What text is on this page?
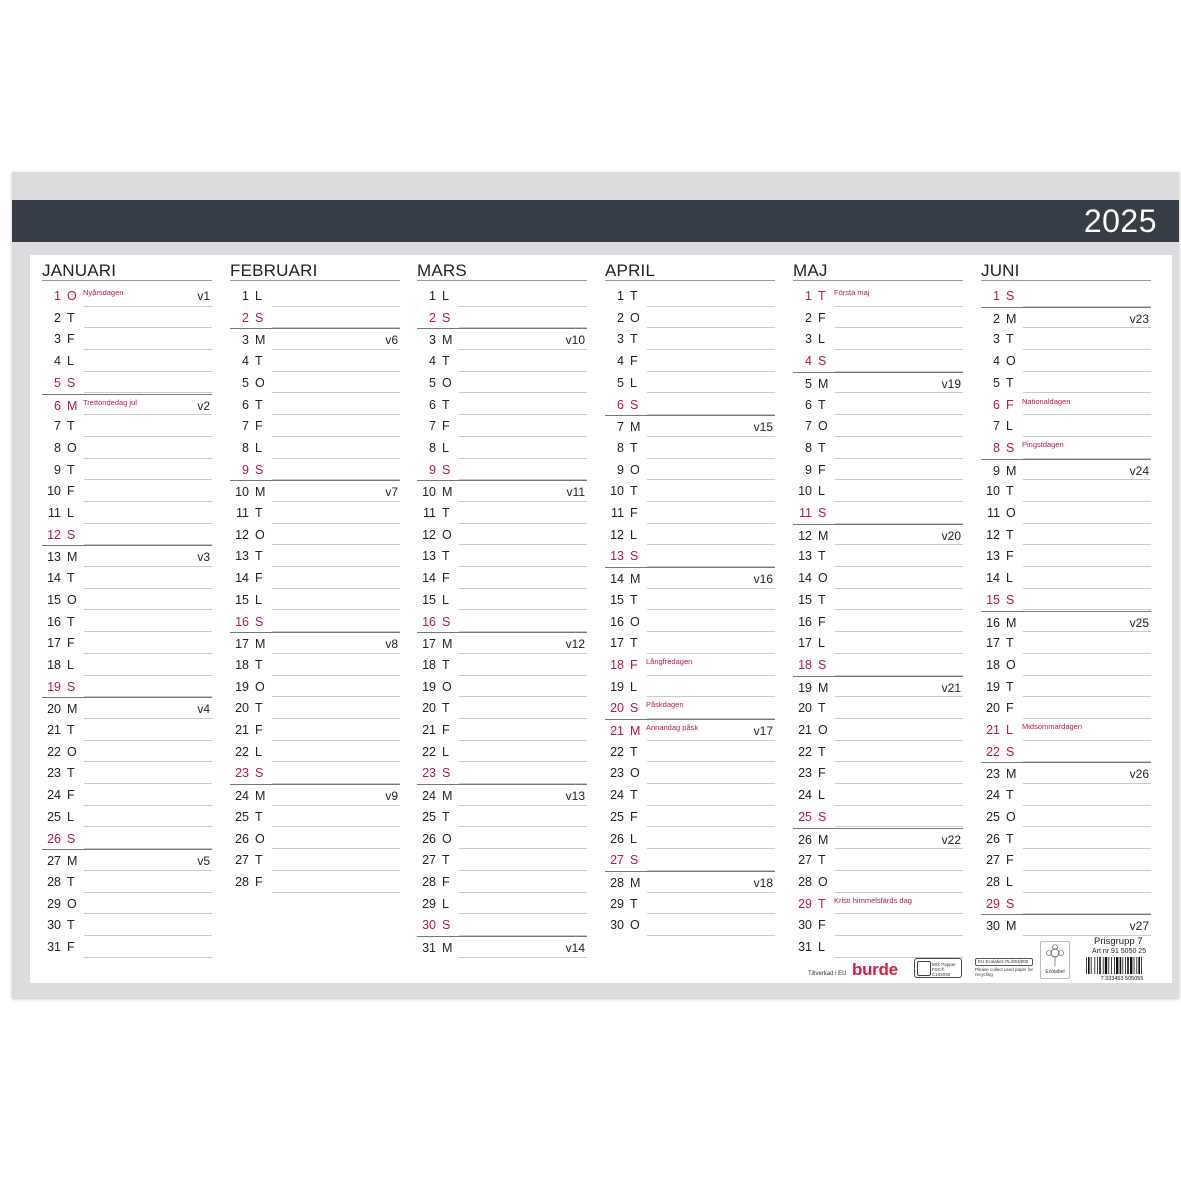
2025
Tillverkad i EU burde	MIX Papper FSC® C102030
EU Ecolabel: PL/053/000
Please collect used paper for recycling	Ecolabel
Prisgrupp 7
Art nr 91 5050 25
7 333453 505055
JANUARI
1 O Nyårsdagen	v1
2 T
3 F
4 L
5 S
6 M Trettondedag jul	v2
7 T
8 O
9 T
10 F
11 L
12 S
13 M	v3
14 T
15 O
16 T
17 F
18 L
19 S
20 M	v4
21 T
22 O
23 T
24 F
25 L
26 S
27 M	v5
28 T
29 O
30 T
31 F
FEBRUARI
1 L
2 S
3 M	v6
4 T
5 O
6 T
7 F
8 L
9 S
10 M	v7
11 T
12 O
13 T
14 F
15 L
16 S
17 M	v8
18 T
19 O
20 T
21 F
22 L
23 S
24 M	v9
25 T
26 O
27 T
28 F
MARS
1 L
2 S
3 M	v10
4 T
5 O
6 T
7 F
8 L
9 S
10 M	v11
11 T
12 O
13 T
14 F
15 L
16 S
17 M	v12
18 T
19 O
20 T
21 F
22 L
23 S
24 M	v13
25 T
26 O
27 T
28 F
29 L
30 S
31 M	v14
APRIL
1 T
2 O
3 T
4 F
5 L
6 S
7 M	v15
8 T
9 O
10 T
11 F
12 L
13 S
14 M	v16
15 T
16 O
17 T
18 F Långfredagen
19 L
20 S Påskdagen
21 M Annandag påsk	v17
22 T
23 O
24 T
25 F
26 L
27 S
28 M	v18
29 T
30 O
MAJ
1 T Första maj
2 F
3 L
4 S
5 M	v19
6 T
7 O
8 T
9 F
10 L
11 S
12 M	v20
13 T
14 O
15 T
16 F
17 L
18 S
19 M	v21
20 T
21 O
22 T
23 F
24 L
25 S
26 M	v22
27 T
28 O
29 T Kristi himmelsfärds dag
30 F
31 L
JUNI
1 S
2 M	v23
3 T
4 O
5 T
6 F Nationaldagen
7 L
8 S Pingstdagen
9 M	v24
10 T
11 O
12 T
13 F
14 L
15 S
16 M	v25
17 T
18 O
19 T
20 F
21 L Midsommardagen
22 S
23 M	v26
24 T
25 O
26 T
27 F
28 L
29 S
30 M	v27
